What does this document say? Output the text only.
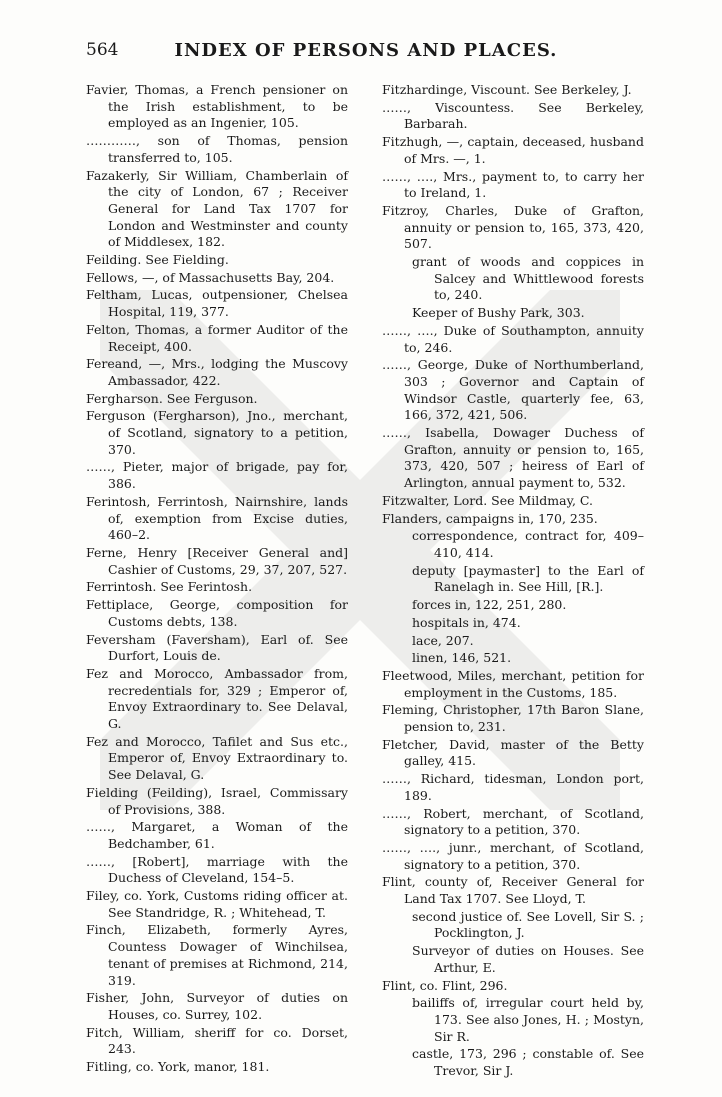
564	INDEX OF PERSONS AND PLACES.
Favier, Thomas, a French pensioner on the Irish establishment, to be employed as an Ingenier, 105.
…………, son of Thomas, pension transferred to, 105.
Fazakerly, Sir William, Chamberlain of the city of London, 67 ; Receiver General for Land Tax 1707 for London and Westminster and county of Middlesex, 182.
Feilding. See Fielding.
Fellows, —, of Massachusetts Bay, 204.
Feltham, Lucas, outpensioner, Chelsea Hospital, 119, 377.
Felton, Thomas, a former Auditor of the Receipt, 400.
Fereand, —, Mrs., lodging the Muscovy Ambassador, 422.
Fergharson. See Ferguson.
Ferguson (Fergharson), Jno., merchant, of Scotland, signatory to a petition, 370.
……, Pieter, major of brigade, pay for, 386.
Ferintosh, Ferrintosh, Nairnshire, lands of, exemption from Excise duties, 460–2.
Ferne, Henry [Receiver General and] Cashier of Customs, 29, 37, 207, 527.
Ferrintosh. See Ferintosh.
Fettiplace, George, composition for Customs debts, 138.
Feversham (Faversham), Earl of. See Durfort, Louis de.
Fez and Morocco, Ambassador from, recredentials for, 329 ; Emperor of, Envoy Extraordinary to. See Delaval, G.
Fez and Morocco, Tafilet and Sus etc., Emperor of, Envoy Extraordinary to. See Delaval, G.
Fielding (Feilding), Israel, Commissary of Provisions, 388.
……, Margaret, a Woman of the Bedchamber, 61.
……, [Robert], marriage with the Duchess of Cleveland, 154–5.
Filey, co. York, Customs riding officer at. See Standridge, R. ; Whitehead, T.
Finch, Elizabeth, formerly Ayres, Countess Dowager of Winchilsea, tenant of premises at Richmond, 214, 319.
Fisher, John, Surveyor of duties on Houses, co. Surrey, 102.
Fitch, William, sheriff for co. Dorset, 243.
Fitling, co. York, manor, 181.
Fitzhardinge, Viscount. See Berkeley, J.
……, Viscountess. See Berkeley, Barbarah.
Fitzhugh, —, captain, deceased, husband of Mrs. —, 1.
……, …., Mrs., payment to, to carry her to Ireland, 1.
Fitzroy, Charles, Duke of Grafton, annuity or pension to, 165, 373, 420, 507.
grant of woods and coppices in Salcey and Whittlewood forests to, 240.
Keeper of Bushy Park, 303.
……, …., Duke of Southampton, annuity to, 246.
……, George, Duke of Northumberland, 303 ; Governor and Captain of Windsor Castle, quarterly fee, 63, 166, 372, 421, 506.
……, Isabella, Dowager Duchess of Grafton, annuity or pension to, 165, 373, 420, 507 ; heiress of Earl of Arlington, annual payment to, 532.
Fitzwalter, Lord. See Mildmay, C.
Flanders, campaigns in, 170, 235.
correspondence, contract for, 409–410, 414.
deputy [paymaster] to the Earl of Ranelagh in. See Hill, [R.].
forces in, 122, 251, 280.
hospitals in, 474.
lace, 207.
linen, 146, 521.
Fleetwood, Miles, merchant, petition for employment in the Customs, 185.
Fleming, Christopher, 17th Baron Slane, pension to, 231.
Fletcher, David, master of the Betty galley, 415.
……, Richard, tidesman, London port, 189.
……, Robert, merchant, of Scotland, signatory to a petition, 370.
……, …., junr., merchant, of Scotland, signatory to a petition, 370.
Flint, county of, Receiver General for Land Tax 1707. See Lloyd, T.
second justice of. See Lovell, Sir S. ; Pocklington, J.
Surveyor of duties on Houses. See Arthur, E.
Flint, co. Flint, 296.
bailiffs of, irregular court held by, 173. See also Jones, H. ; Mostyn, Sir R.
castle, 173, 296 ; constable of. See Trevor, Sir J.
